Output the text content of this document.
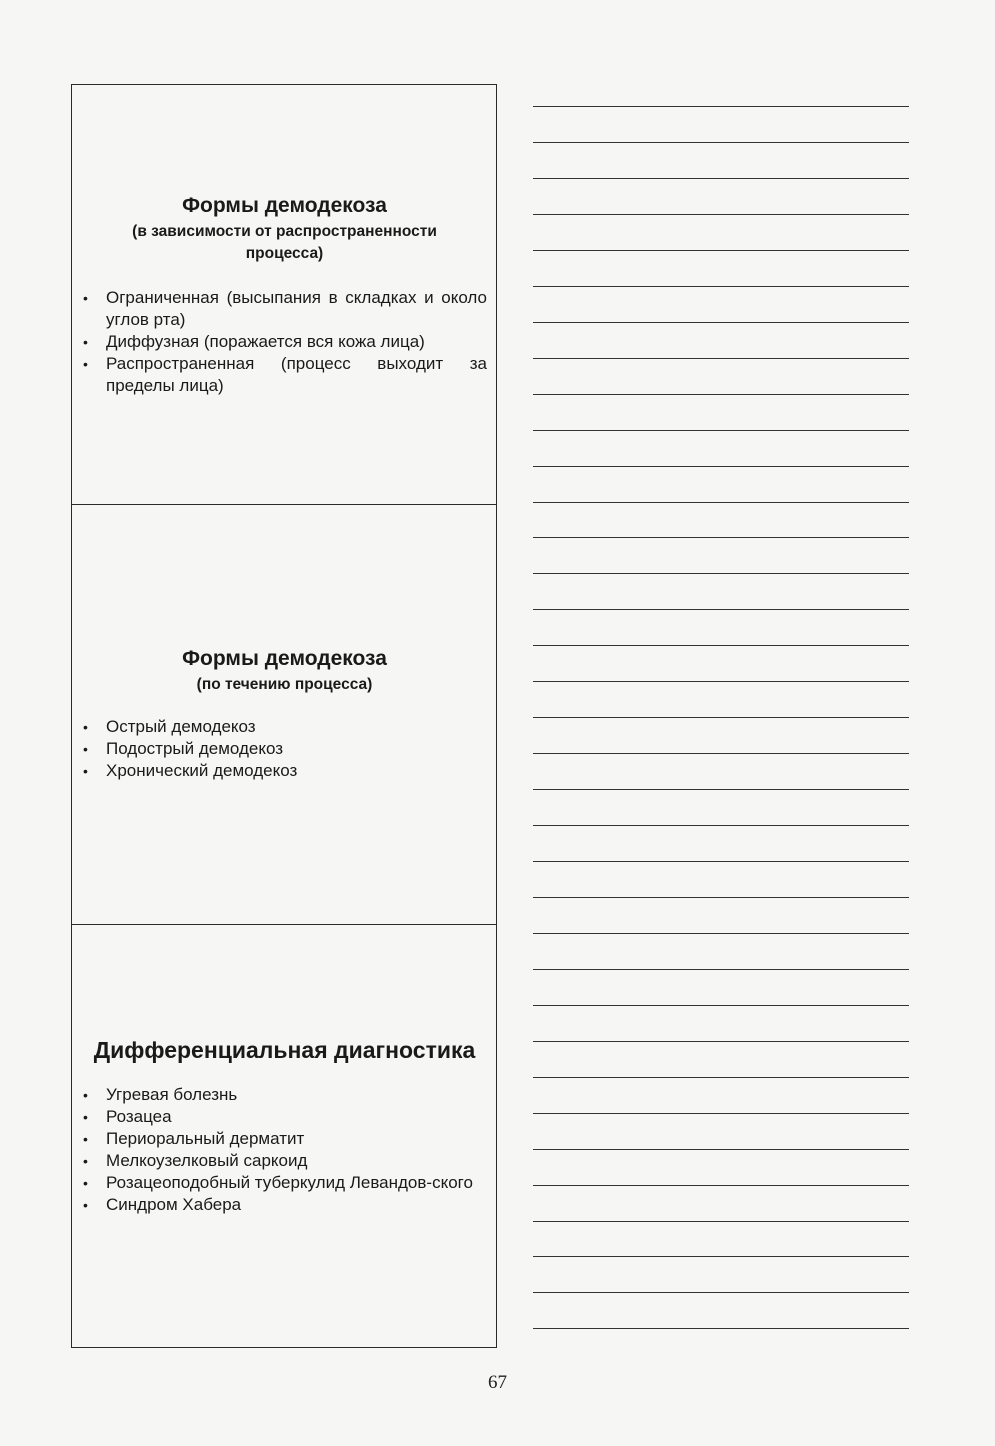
Формы демодекоза

(в зависимости от распространенности процесса)

• Ограниченная (высыпания в складках и около углов рта)
• Диффузная (поражается вся кожа лица)
• Распространенная (процесс выходит за пределы лица)
Формы демодекоза

(по течению процесса)

• Острый демодекоз
• Подострый демодекоз
• Хронический демодекоз
Дифференциальная диагностика
• Угревая болезнь
• Розацеа
• Периоральный дерматит
• Мелкоузелковый саркоид
• Розацеоподобный туберкулид Левандов-ского
• Синдром Хабера
67
